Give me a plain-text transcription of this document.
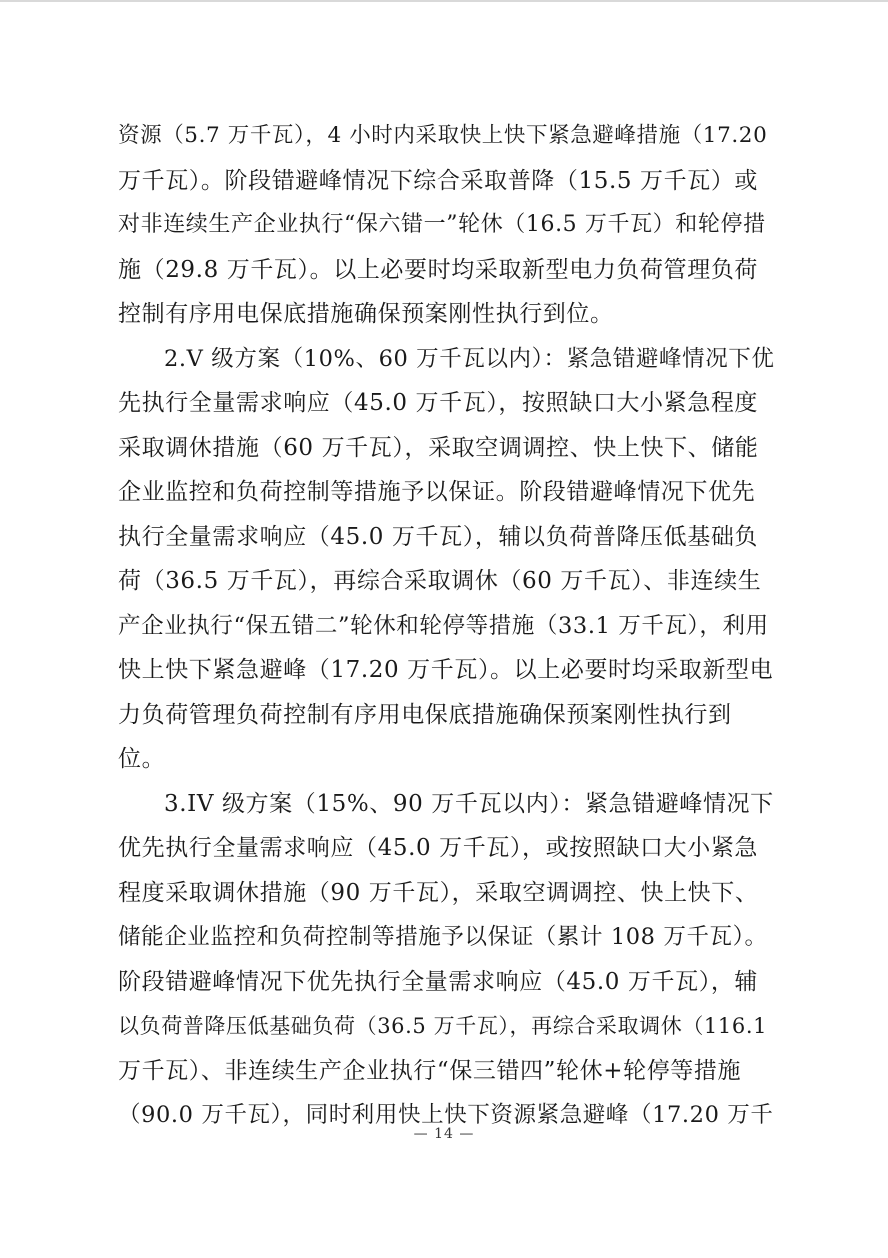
资源（5.7 万千瓦），4 小时内采取快上快下紧急避峰措施（17.20
万千瓦）。阶段错避峰情况下综合采取普降（15.5 万千瓦）或
对非连续生产企业执行“保六错一”轮休（16.5 万千瓦）和轮停措
施（29.8 万千瓦）。以上必要时均采取新型电力负荷管理负荷
控制有序用电保底措施确保预案刚性执行到位。
2.V 级方案（10%、60 万千瓦以内）：紧急错避峰情况下优
先执行全量需求响应（45.0 万千瓦），按照缺口大小紧急程度
采取调休措施（60 万千瓦），采取空调调控、快上快下、储能
企业监控和负荷控制等措施予以保证。阶段错避峰情况下优先
执行全量需求响应（45.0 万千瓦），辅以负荷普降压低基础负
荷（36.5 万千瓦），再综合采取调休（60 万千瓦）、非连续生
产企业执行“保五错二”轮休和轮停等措施（33.1 万千瓦），利用
快上快下紧急避峰（17.20 万千瓦）。以上必要时均采取新型电
力负荷管理负荷控制有序用电保底措施确保预案刚性执行到
位。
3.IV 级方案（15%、90 万千瓦以内）：紧急错避峰情况下
优先执行全量需求响应（45.0 万千瓦），或按照缺口大小紧急
程度采取调休措施（90 万千瓦），采取空调调控、快上快下、
储能企业监控和负荷控制等措施予以保证（累计 108 万千瓦）。
阶段错避峰情况下优先执行全量需求响应（45.0 万千瓦），辅
以负荷普降压低基础负荷（36.5 万千瓦），再综合采取调休（116.1
万千瓦）、非连续生产企业执行“保三错四”轮休+轮停等措施
（90.0 万千瓦），同时利用快上快下资源紧急避峰（17.20 万千
— 14 —
